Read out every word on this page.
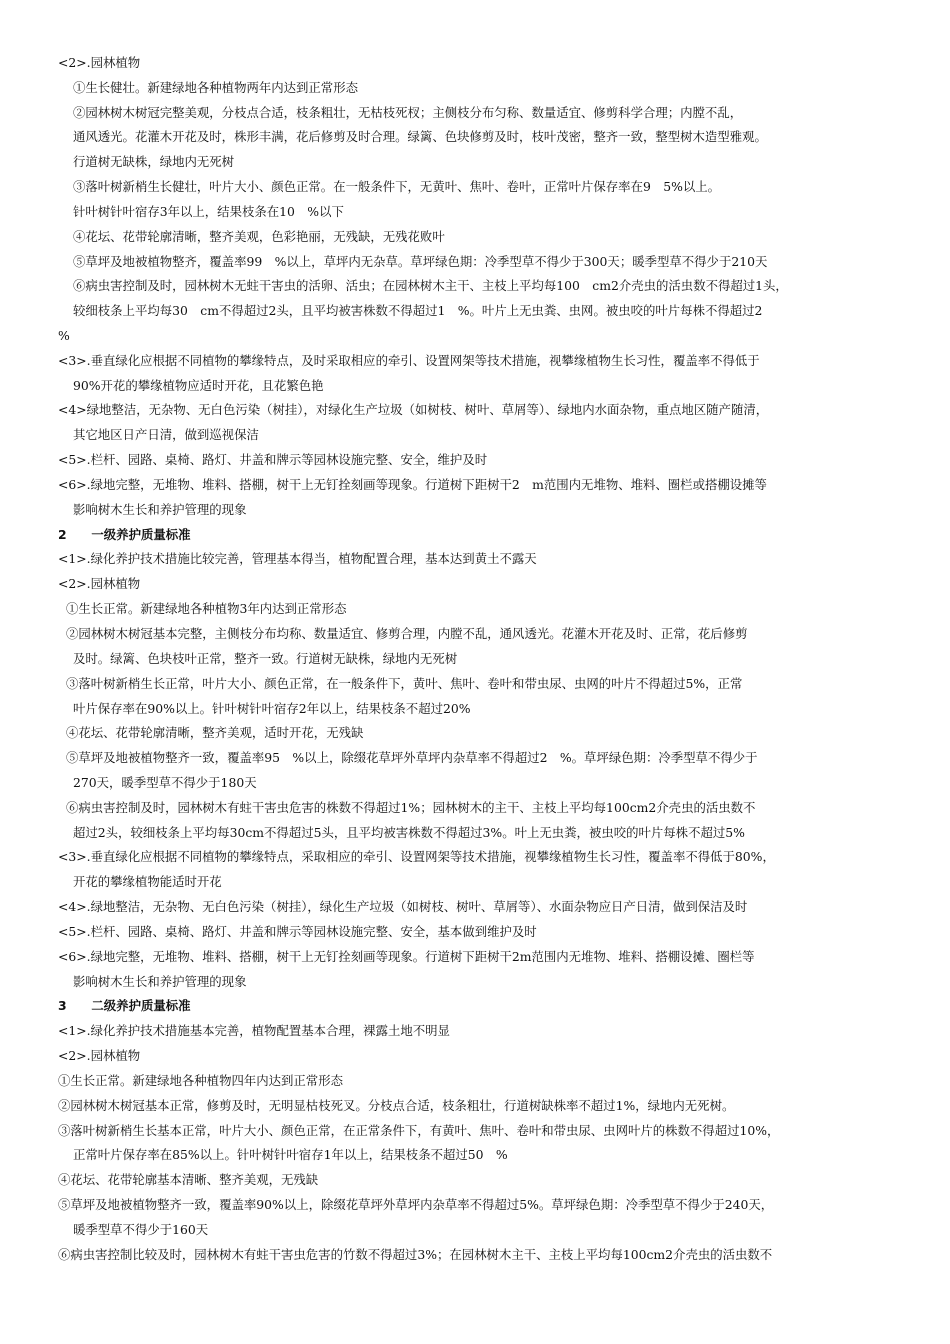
<2>.园林植物
①生长健壮。新建绿地各种植物两年内达到正常形态
②园林树木树冠完整美观，分枝点合适，枝条粗壮，无枯枝死杈；主侧枝分布匀称、数量适宜、修剪科学合理；内膛不乱，
通风透光。花灌木开花及时，株形丰满，花后修剪及时合理。绿篱、色块修剪及时，枝叶茂密，整齐一致，整型树木造型雅观。
行道树无缺株，绿地内无死树
③落叶树新梢生长健壮，叶片大小、颜色正常。在一般条件下，无黄叶、焦叶、卷叶，正常叶片保存率在9　5%以上。
针叶树针叶宿存3年以上，结果枝条在10　%以下
④花坛、花带轮廓清晰，整齐美观，色彩艳丽，无残缺，无残花败叶
⑤草坪及地被植物整齐，覆盖率99　%以上，草坪内无杂草。草坪绿色期：冷季型草不得少于300天；暖季型草不得少于210天
⑥病虫害控制及时，园林树木无蛀干害虫的活卵、活虫；在园林树木主干、主枝上平均每100　cm2介壳虫的活虫数不得超过1头，
较细枝条上平均每30　cm不得超过2头，且平均被害株数不得超过1　%。叶片上无虫粪、虫网。被虫咬的叶片每株不得超过2
%
<3>.垂直绿化应根据不同植物的攀缘特点，及时采取相应的牵引、设置网架等技术措施，视攀缘植物生长习性，覆盖率不得低于
90%开花的攀缘植物应适时开花，且花繁色艳
<4>绿地整洁，无杂物、无白色污染（树挂），对绿化生产垃圾（如树枝、树叶、草屑等）、绿地内水面杂物，重点地区随产随清，
其它地区日产日清，做到巡视保洁
<5>.栏杆、园路、桌椅、路灯、井盖和牌示等园林设施完整、安全，维护及时
<6>.绿地完整，无堆物、堆料、搭棚，树干上无钉拴刻画等现象。行道树下距树干2　m范围内无堆物、堆料、圈栏或搭棚设摊等
影响树木生长和养护管理的现象
2　　一级养护质量标准
<1>.绿化养护技术措施比较完善，管理基本得当，植物配置合理，基本达到黄土不露天
<2>.园林植物
①生长正常。新建绿地各种植物3年内达到正常形态
②园林树木树冠基本完整，主侧枝分布均称、数量适宜、修剪合理，内膛不乱，通风透光。花灌木开花及时、正常，花后修剪
及时。绿篱、色块枝叶正常，整齐一致。行道树无缺株，绿地内无死树
③落叶树新梢生长正常，叶片大小、颜色正常，在一般条件下，黄叶、焦叶、卷叶和带虫尿、虫网的叶片不得超过5%，正常
叶片保存率在90%以上。针叶树针叶宿存2年以上，结果枝条不超过20%
④花坛、花带轮廓清晰，整齐美观，适时开花，无残缺
⑤草坪及地被植物整齐一致，覆盖率95　%以上，除缀花草坪外草坪内杂草率不得超过2　%。草坪绿色期：冷季型草不得少于
270天，暖季型草不得少于180天
⑥病虫害控制及时，园林树木有蛀干害虫危害的株数不得超过1%；园林树木的主干、主枝上平均每100cm2介壳虫的活虫数不
超过2头，较细枝条上平均每30cm不得超过5头，且平均被害株数不得超过3%。叶上无虫粪，被虫咬的叶片每株不超过5%
<3>.垂直绿化应根据不同植物的攀缘特点，采取相应的牵引、设置网架等技术措施，视攀缘植物生长习性，覆盖率不得低于80%，
开花的攀缘植物能适时开花
<4>.绿地整洁，无杂物、无白色污染（树挂），绿化生产垃圾（如树枝、树叶、草屑等）、水面杂物应日产日清，做到保洁及时
<5>.栏杆、园路、桌椅、路灯、井盖和牌示等园林设施完整、安全，基本做到维护及时
<6>.绿地完整，无堆物、堆料、搭棚，树干上无钉拴刻画等现象。行道树下距树干2m范围内无堆物、堆料、搭棚设摊、圈栏等
影响树木生长和养护管理的现象
3　　二级养护质量标准
<1>.绿化养护技术措施基本完善，植物配置基本合理，裸露土地不明显
<2>.园林植物
①生长正常。新建绿地各种植物四年内达到正常形态
②园林树木树冠基本正常，修剪及时，无明显枯枝死叉。分枝点合适，枝条粗壮，行道树缺株率不超过1%，绿地内无死树。
③落叶树新梢生长基本正常，叶片大小、颜色正常，在正常条件下，有黄叶、焦叶、卷叶和带虫尿、虫网叶片的株数不得超过10%，
正常叶片保存率在85%以上。针叶树针叶宿存1年以上，结果枝条不超过50　%
④花坛、花带轮廓基本清晰、整齐美观，无残缺
⑤草坪及地被植物整齐一致，覆盖率90%以上，除缀花草坪外草坪内杂草率不得超过5%。草坪绿色期：冷季型草不得少于240天，
暖季型草不得少于160天
⑥病虫害控制比较及时，园林树木有蛀干害虫危害的竹数不得超过3%；在园林树木主干、主枝上平均每100cm2介壳虫的活虫数不
